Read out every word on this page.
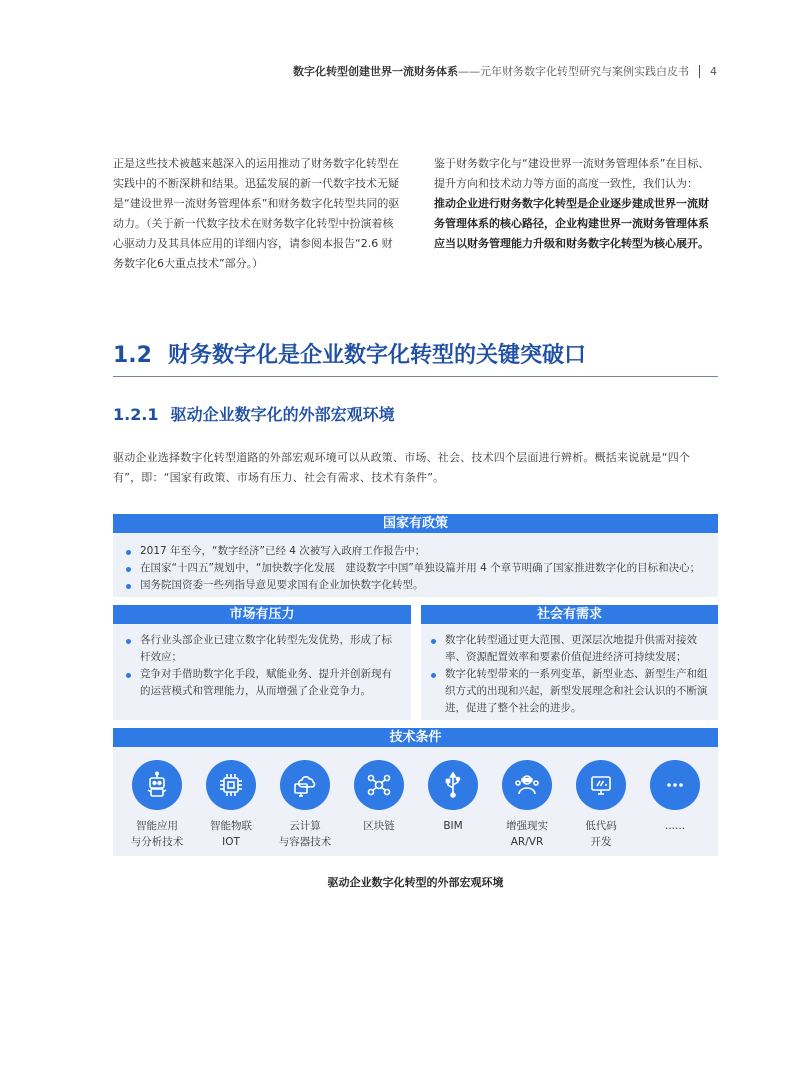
数字化转型创建世界一流财务体系 ——元年财务数字化转型研究与案例实践白皮书 4
正是这些技术被越来越深入的运用推动了财务数字化转型在实践中的不断深耕和结果。迅猛发展的新一代数字技术无疑是“建设世界一流财务管理体系”和财务数字化转型共同的驱动力。（关于新一代数字技术在财务数字化转型中扮演着核心驱动力及其具体应用的详细内容，请参阅本报告“2.6 财务数字化6大重点技术”部分。）
鉴于财务数字化与“建设世界一流财务管理体系”在目标、提升方向和技术动力等方面的高度一致性，我们认为：
推动企业进行财务数字化转型是企业逐步建成世界一流财务管理体系的核心路径，企业构建世界一流财务管理体系应当以财务管理能力升级和财务数字化转型为核心展开。
1.2 财务数字化是企业数字化转型的关键突破口
1.2.1 驱动企业数字化的外部宏观环境
驱动企业选择数字化转型道路的外部宏观环境可以从政策、市场、社会、技术四个层面进行辨析。概括来说就是“四个有”，即：“国家有政策、市场有压力、社会有需求、技术有条件”。
国家有政策
2017 年至今，“数字经济”已经 4 次被写入政府工作报告中；
在国家“十四五”规划中，“加快数字化发展　建设数字中国”单独设篇并用 4 个章节明确了国家推进数字化的目标和决心；
国务院国资委一些列指导意见要求国有企业加快数字化转型。
市场有压力
各行业头部企业已建立数字化转型先发优势，形成了标杆效应；
竞争对手借助数字化手段，赋能业务、提升并创新现有的运营模式和管理能力，从而增强了企业竞争力。
社会有需求
数字化转型通过更大范围、更深层次地提升供需对接效率、资源配置效率和要素价值促进经济可持续发展；
数字化转型带来的一系列变革，新型业态、新型生产和组织方式的出现和兴起，新型发展理念和社会认识的不断演进，促进了整个社会的进步。
技术条件
智能应用
与分析技术
智能物联
IOT
云计算
与容器技术
区块链	BIM	增强现实
AR/VR
低代码
开发
......
驱动企业数字化转型的外部宏观环境
